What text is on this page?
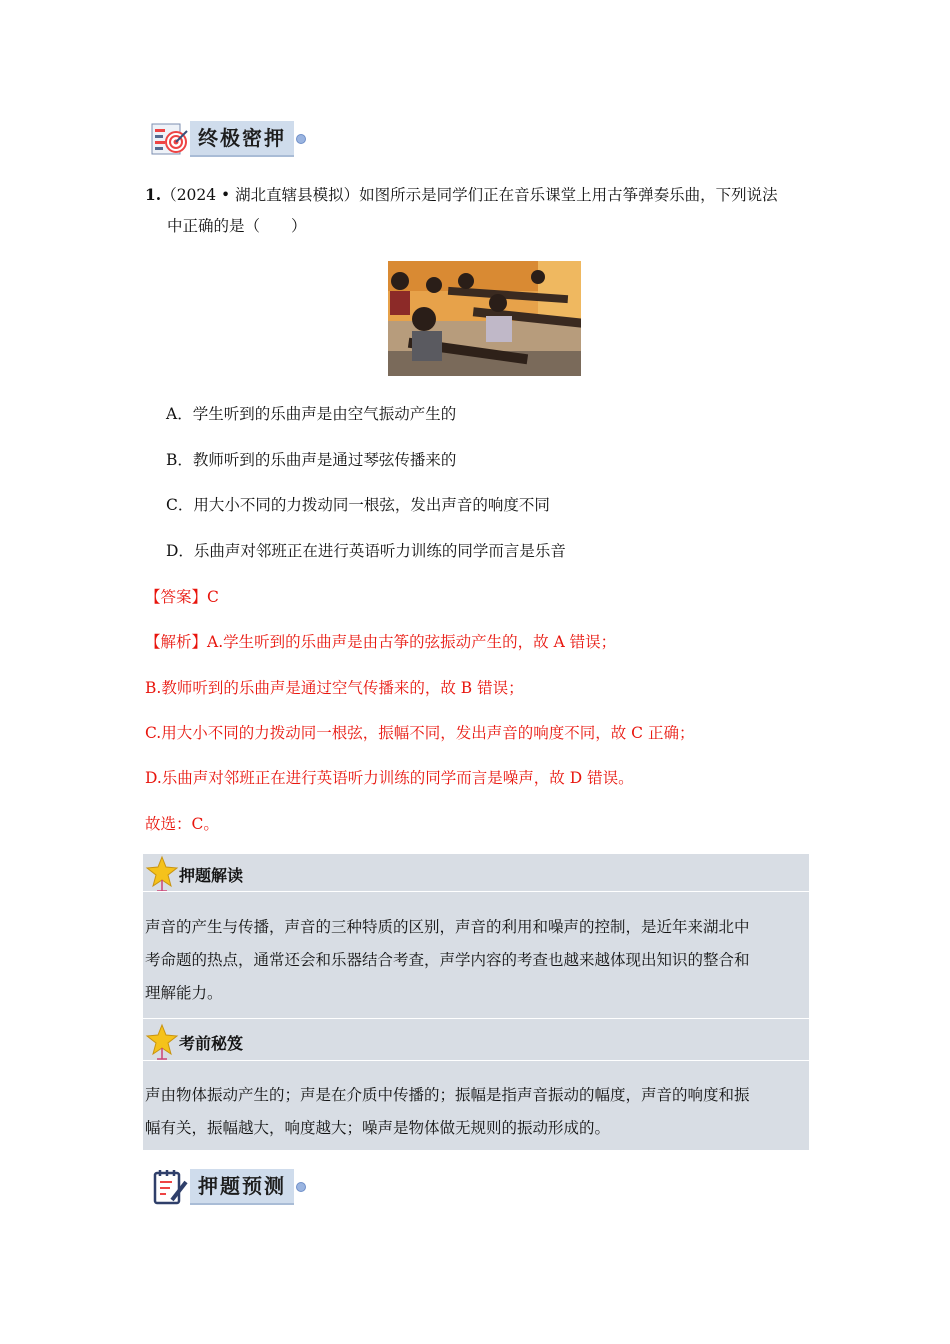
终极密押
1.（2024 • 湖北直辖县模拟）如图所示是同学们正在音乐课堂上用古筝弹奏乐曲，下列说法
中正确的是（　　）
A．学生听到的乐曲声是由空气振动产生的
B．教师听到的乐曲声是通过琴弦传播来的
C．用大小不同的力拨动同一根弦，发出声音的响度不同
D．乐曲声对邻班正在进行英语听力训练的同学而言是乐音
【答案】C
【解析】A.学生听到的乐曲声是由古筝的弦振动产生的，故 A 错误；
B.教师听到的乐曲声是通过空气传播来的，故 B 错误；
C.用大小不同的力拨动同一根弦，振幅不同，发出声音的响度不同，故 C 正确；
D.乐曲声对邻班正在进行英语听力训练的同学而言是噪声，故 D 错误。
故选：C。
押题解读
声音的产生与传播，声音的三种特质的区别，声音的利用和噪声的控制，是近年来湖北中
考命题的热点，通常还会和乐器结合考查，声学内容的考查也越来越体现出知识的整合和
理解能力。
考前秘笈
声由物体振动产生的；声是在介质中传播的；振幅是指声音振动的幅度，声音的响度和振
幅有关，振幅越大，响度越大；噪声是物体做无规则的振动形成的。
押题预测
